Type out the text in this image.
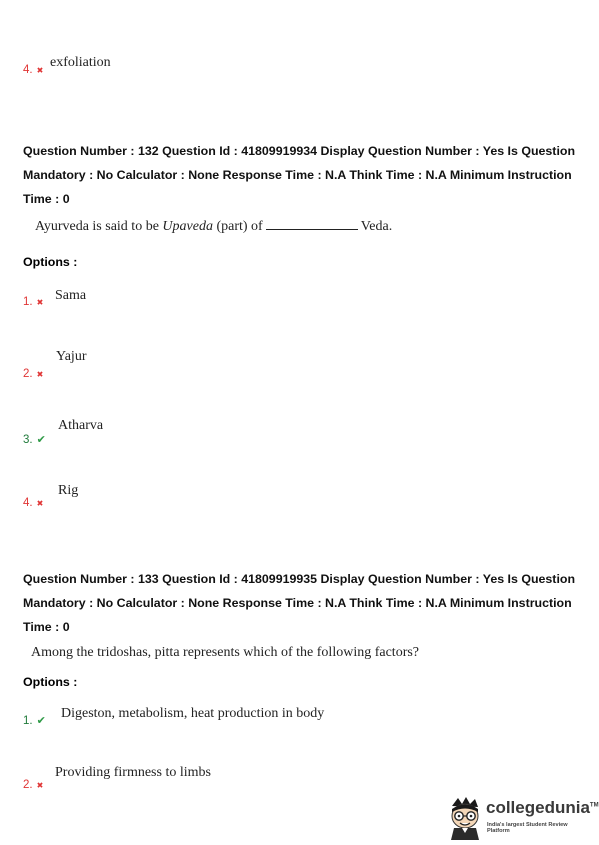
4. ✖
exfoliation
Question Number : 132 Question Id : 41809919934 Display Question Number : Yes Is Question
Mandatory : No Calculator : None Response Time : N.A Think Time : N.A Minimum Instruction
Time : 0
Ayurveda is said to be Upaveda (part) of	Veda.
Options :
1. ✖ Sama
2. ✖
Yajur
3. ✔
Atharva
4. ✖
Rig
Question Number : 133 Question Id : 41809919935 Display Question Number : Yes Is Question
Mandatory : No Calculator : None Response Time : N.A Think Time : N.A Minimum Instruction
Time : 0
Among the tridoshas, pitta represents which of the following factors?
Options :
1. ✔ Digeston, metabolism, heat production in body
2. ✖
Providing firmness to limbs
collegedunia™
India's largest Student Review Platform
